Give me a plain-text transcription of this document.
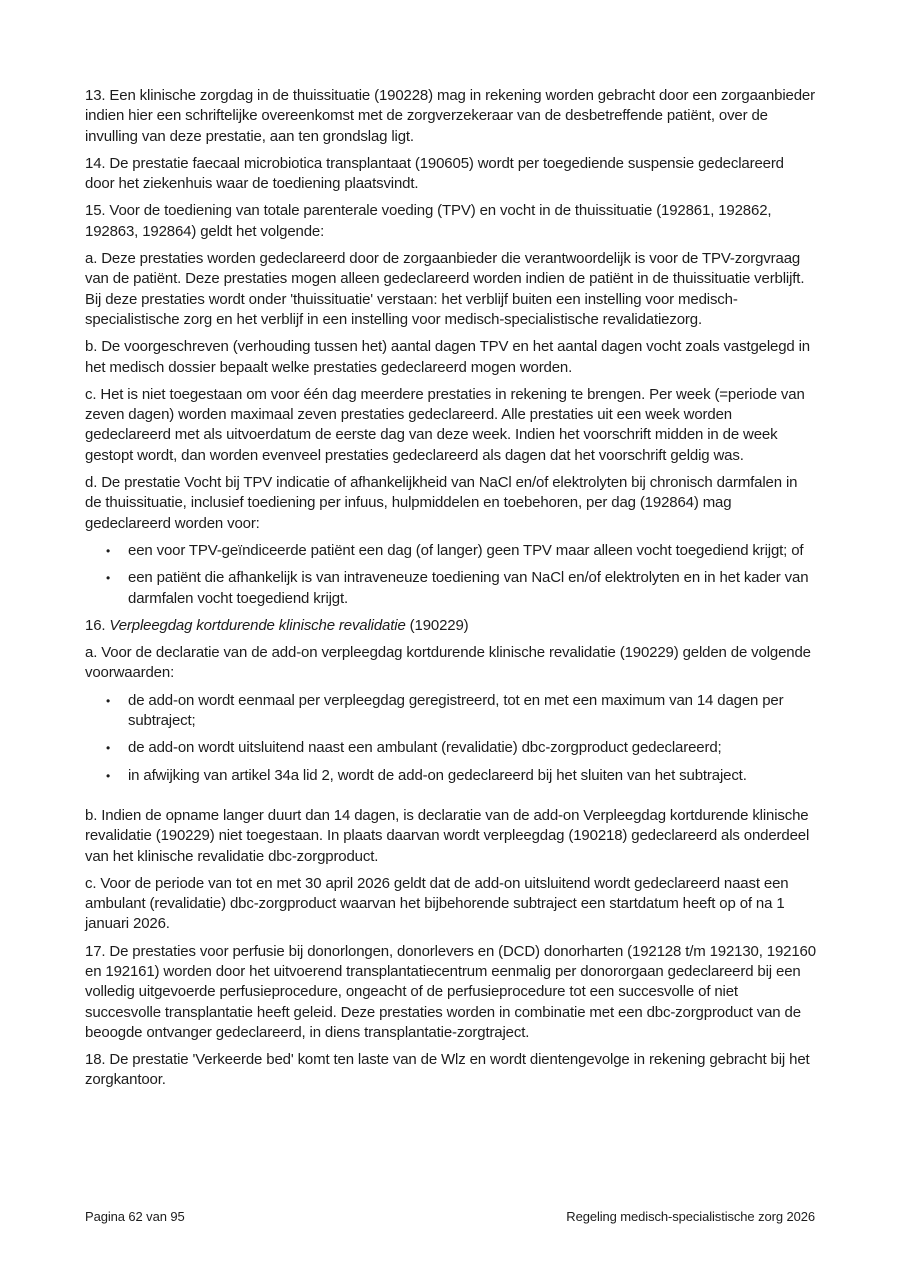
13. Een klinische zorgdag in de thuissituatie (190228) mag in rekening worden gebracht door een zorgaanbieder indien hier een schriftelijke overeenkomst met de zorgverzekeraar van de desbetreffende patiënt, over de invulling van deze prestatie, aan ten grondslag ligt.

14. De prestatie faecaal microbiotica transplantaat (190605) wordt per toegediende suspensie gedeclareerd door het ziekenhuis waar de toediening plaatsvindt.

15. Voor de toediening van totale parenterale voeding (TPV) en vocht in de thuissituatie (192861, 192862, 192863, 192864) geldt het volgende:

a. Deze prestaties worden gedeclareerd door de zorgaanbieder die verantwoordelijk is voor de TPV-zorgvraag van de patiënt. Deze prestaties mogen alleen gedeclareerd worden indien de patiënt in de thuissituatie verblijft. Bij deze prestaties wordt onder 'thuissituatie' verstaan: het verblijf buiten een instelling voor medisch-specialistische zorg en het verblijf in een instelling voor medisch-specialistische revalidatiezorg.

b. De voorgeschreven (verhouding tussen het) aantal dagen TPV en het aantal dagen vocht zoals vastgelegd in het medisch dossier bepaalt welke prestaties gedeclareerd mogen worden.

c. Het is niet toegestaan om voor één dag meerdere prestaties in rekening te brengen. Per week (=periode van zeven dagen) worden maximaal zeven prestaties gedeclareerd. Alle prestaties uit een week worden gedeclareerd met als uitvoerdatum de eerste dag van deze week. Indien het voorschrift midden in de week gestopt wordt, dan worden evenveel prestaties gedeclareerd als dagen dat het voorschrift geldig was.

d. De prestatie Vocht bij TPV indicatie of afhankelijkheid van NaCl en/of elektrolyten bij chronisch darmfalen in de thuissituatie, inclusief toediening per infuus, hulpmiddelen en toebehoren, per dag (192864) mag gedeclareerd worden voor:

• een voor TPV-geïndiceerde patiënt een dag (of langer) geen TPV maar alleen vocht toegediend krijgt; of
• een patiënt die afhankelijk is van intraveneuze toediening van NaCl en/of elektrolyten en in het kader van darmfalen vocht toegediend krijgt.

16. Verpleegdag kortdurende klinische revalidatie (190229)

a. Voor de declaratie van de add-on verpleegdag kortdurende klinische revalidatie (190229) gelden de volgende voorwaarden:

• de add-on wordt eenmaal per verpleegdag geregistreerd, tot en met een maximum van 14 dagen per subtraject;
• de add-on wordt uitsluitend naast een ambulant (revalidatie) dbc-zorgproduct gedeclareerd;
• in afwijking van artikel 34a lid 2, wordt de add-on gedeclareerd bij het sluiten van het subtraject.

b. Indien de opname langer duurt dan 14 dagen, is declaratie van de add-on Verpleegdag kortdurende klinische revalidatie (190229) niet toegestaan. In plaats daarvan wordt verpleegdag (190218) gedeclareerd als onderdeel van het klinische revalidatie dbc-zorgproduct.

c. Voor de periode van tot en met 30 april 2026 geldt dat de add-on uitsluitend wordt gedeclareerd naast een ambulant (revalidatie) dbc-zorgproduct waarvan het bijbehorende subtraject een startdatum heeft op of na 1 januari 2026.

17. De prestaties voor perfusie bij donorlongen, donorlevers en (DCD) donorharten (192128 t/m 192130, 192160 en 192161) worden door het uitvoerend transplantatiecentrum eenmalig per donororgaan gedeclareerd bij een volledig uitgevoerde perfusieprocedure, ongeacht of de perfusieprocedure tot een succesvolle of niet succesvolle transplantatie heeft geleid. Deze prestaties worden in combinatie met een dbc-zorgproduct van de beoogde ontvanger gedeclareerd, in diens transplantatie-zorgtraject.

18. De prestatie 'Verkeerde bed' komt ten laste van de Wlz en wordt dientengevolge in rekening gebracht bij het zorgkantoor.

Pagina 62 van 95	Regeling medisch-specialistische zorg 2026
